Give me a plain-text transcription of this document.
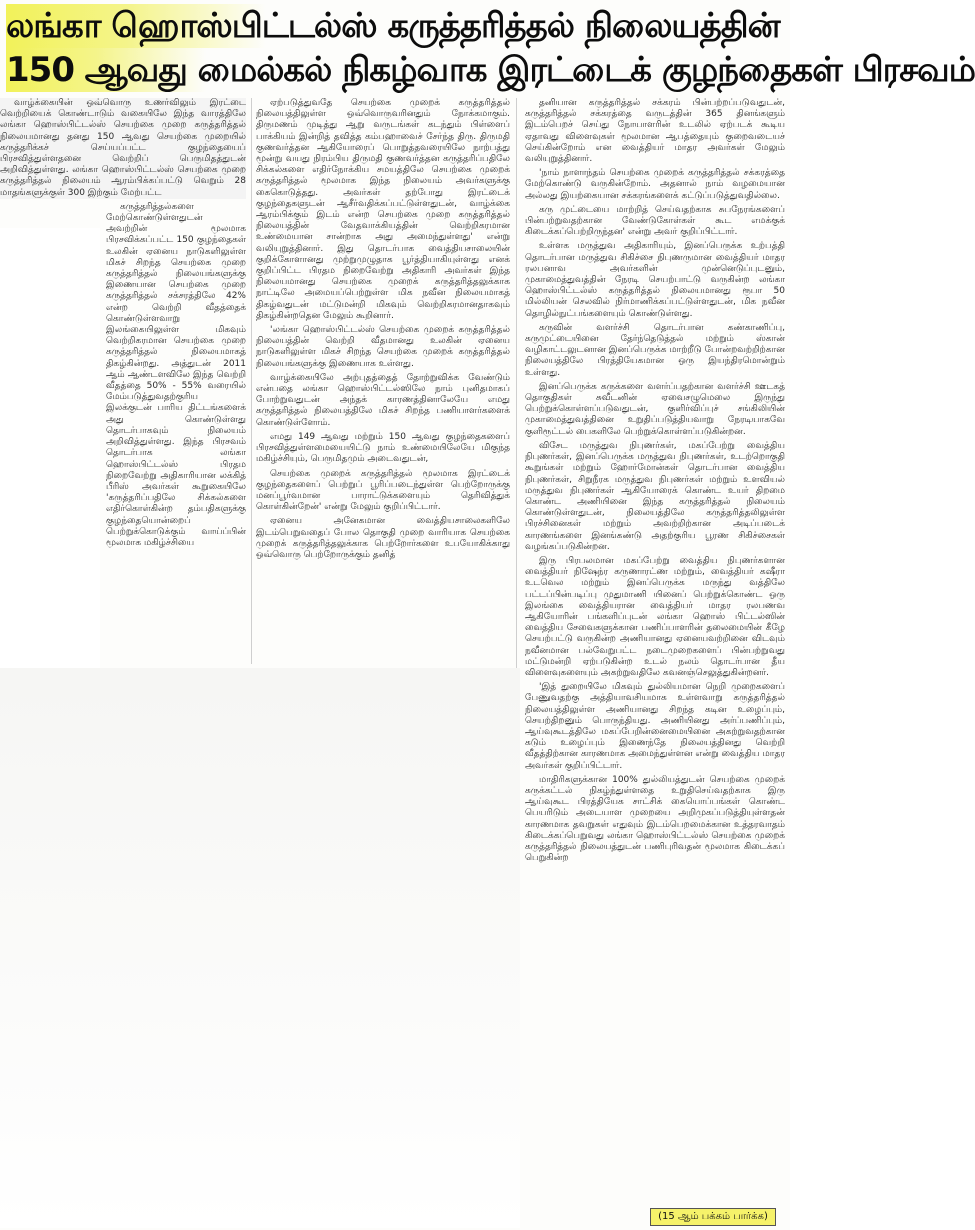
லங்கா ஹொஸ்பிட்டல்ஸ் கருத்தரித்தல் நிலையத்தின்
150 ஆவது மைல்கல் நிகழ்வாக இரட்டைக் குழந்தைகள் பிரசவம்

வாழ்க்கையின் ஒவ்வொரு உணர்விலும் இரட்டை வெற்றியைக் கொண்டாடும் வகையிலே இந்த வாரத்திலே லங்கா ஹொஸ்பிட்டல்ஸ் செயற்கை முறை கருத்தரித்தல் நிலையமானது தனது 150 ஆவது செயற்கை முறையில் கருத்தரிக்கச் செய்யப்பட்ட குழந்தையைப் பிரசவித்துள்ளதனை வெற்றிப் பெருமிதத்துடன் அறிவித்துள்ளது. லங்கா ஹொஸ்பிட்டல்ஸ் செயற்கை முறை கருத்தரித்தல் நிலையம் ஆரம்பிக்கப்பட்டு வெறும் 28 மாதங்களுக்குள் 300 இற்கும் மேற்பட்ட

கருத்தரித்தல்களை மேற்கொண்டுள்ளதுடன் அவற்றின் மூலமாக பிரசவிக்கப்பட்ட 150 குழந்தைகள் உலகின் ஏனைய நாடுகளிலுள்ள மிகச் சிறந்த செயற்கை முறை கருத்தரித்தல் நிலையங்களுக்கு இணையான செயற்கை முறை கருத்தரித்தல் சக்சரத்திலே 42% என்ற வெற்றி வீதத்தைக் கொண்டுள்ளவாறு இலங்கையிலுள்ள மிகவும் வெற்றிகரமான செயற்கை முறை கருத்தரித்தல் நிலையமாகத் திகழ்கின்றது. அத்துடன் 2011 ஆம் ஆண்டளவிலே இந்த வெற்றி வீதத்தை 50% - 55% வரையில் மேம்படுத்துவதற்குரிய இலக்குடன் பாரிய திட்டங்களைக் அது கொண்டுள்ளது தொடர்பாகவும் நிலையம் அறிவித்துள்ளது. இந்த பிரசவம் தொடர்பாக லங்கா ஹொஸ்பிட்டல்ஸ் பிரதம நிறைவேற்று அதிகாரியான லக்கித் பீரிஸ் அவர்கள் கூறுகையிலே 'கருத்தரிப்பதிலே சிக்கல்களை எதிர்கொள்கின்ற தம்பதிகளுக்கு குழந்தையொன்றைப் பெற்றுக்கொடுக்கும் வாய்ப்பின் மூலமாக மகிழ்ச்சியை

ஏற்படுத்துவதே செயற்கை முறைக் கருத்தரித்தல் நிலையத்திலுள்ள ஒவ்வொருவரினதும் நோக்கமாகும். திருமணம் முடித்து ஆறு வருடங்கள் கடந்தும் பிள்ளைப் பாக்கியம் இன்றித் தவித்த கம்பஹாவைச் சேர்ந்த திரு. திருமதி குணவர்த்தன ஆகியோரைப் பொறுத்தவரையிலே நாற்பத்து மூன்று வயது நிரம்பிய திருமதி குணவர்த்தன கருத்தரிப்பதிலே சிக்கல்களை எதிர்நோக்கிய சமயத்திலே செயற்கை முறைக் கருத்தரித்தல் மூலமாக இந்த நிலையம் அவர்களுக்கு கைகொடுத்தது. அவர்கள் தற்போது இரட்டைக் குழந்தைகளுடன் ஆசீர்வதிக்கப்பட்டுள்ளதுடன், வாழ்க்கை ஆரம்பிக்கும் இடம் என்ற செயற்கை முறை கருத்தரித்தல் நிலையத்தின் வேதவாக்கியத்தின் வெற்றிகரமான உண்மையான சான்றாக அது அமைந்துள்ளது' என்று வலியுறுத்தினார். இது தொடர்பாக வைத்தியசாலையின் குறிக்கோளானது முற்றுமுழுதாக பூர்த்தியாகியுள்ளது எனக் குறிப்பிட்ட பிரதம நிறைவேற்று அதிகாரி அவர்கள் இந்த நிலையமானது செயற்கை முறைக் கருத்தரித்தலுக்காக நாட்டிலே அமையப்பெற்றுள்ள மிக நவீன நிலையமாகத் திகழ்வதுடன் மட்டுமன்றி மிகவும் வெற்றிகரமானதாகவும் திகழ்கின்றதென மேலும் கூறினார்.

'லங்கா ஹொஸ்பிட்டல்ஸ் செயற்கை முறைக் கருத்தரித்தல் நிலையத்தின் வெற்றி வீதமானது உலகின் ஏனைய நாடுகளிலுள்ள மிகச் சிறந்த செயற்கை முறைக் கருத்தரித்தல் நிலையங்களுக்கு இணையாக உள்ளது.

வாழ்க்கையிலே அற்புதத்தைத் தோற்றுவிக்க வேண்டும் என்பதை லங்கா ஹொஸ்பிட்டல்ஸிலே நாம் புனிதமாகப் போற்றுவதுடன் அந்தக் காரணத்தினாலேயே எமது கருத்தரித்தல் நிலையத்திலே மிகச் சிறந்த பணியாளர்களைக் கொண்டுள்ளோம்.

எமது 149 ஆவது மற்றும் 150 ஆவது குழந்தைகளைப் பிரசவித்துள்ளமையையிட்டு நாம் உண்மையிலேயே மிகுந்த மகிழ்ச்சியும், பெருமிதமும் அடைவதுடன்,

செயற்கை முறைக் கருத்தரித்தல் மூலமாக இரட்டைக் குழந்தைகளைப் பெற்றுப் பூரிப்படைந்துள்ள பெற்றோருக்கு மனப்பூர்வமான பாராட்டுக்களையும் தெரிவித்துக் கொள்கின்றேன்' என்று மேலும் குறிப்பிட்டார்.

ஏனைய அனேகமான வைத்தியசாலைகளிலே இடம்பெறுவதைப் போல தொகுதி முறை வாரியாக செயற்கை முறைக் கருத்தரித்தலுக்காக பெற்றோர்களை உபயோகிக்காது ஒவ்வொரு பெற்றோருக்கும் தனித்

தனியான கருத்தரித்தல் சக்கரம் பின்பற்றப்படுவதுடன், கருத்தரித்தல் சக்கரத்தை வருடத்தின் 365 தினங்களும் இடம்பெறச் செய்து நோயாளரின் உடலில் ஏற்படக் கூடிய ஏதாவது விளைவுகள் மூலமான ஆபத்தையும் குறைவடையச் செய்கின்றோம் என வைத்தியர் மாதர அவர்கள் மேலும் வலியுறுத்தினார்.

'நாம் நாளாந்தம் செயற்கை முறைக் கருத்தரித்தல் சக்கரத்தை மேற்கொண்டு வருகின்றோம். அதனால் நாம் வழமையான அல்லது இயற்கையான சக்கரங்களைக் கட்டுப்படுத்துவதில்லை.

கரு முட்டையை மாற்றித் செய்வதற்காக சுபநேரங்களைப் பின்பற்றுவதற்கான வேண்டுகோள்கள் கூட எமக்குக் கிடைக்கப்பெற்றிருந்தன' என்று அவர் குறிப்பிட்டார்.

உள்ளக மருத்துவ அதிகாரியும், இனப்பெருக்க உற்பத்தி தொடர்பான மருத்துவ சிகிச்சை நிபுணருமான வைத்தியர் மாதர ரலபனாவ அவர்களின் முன்னெடுப்புடனும், முகாமைத்துவத்தின் நேரடி செயற்பாட்டு வருகின்ற லங்கா ஹொஸ்பிட்டல்ஸ் கருத்தரித்தல் நிலையமானது ரூபா 50 மில்லியன் செலவில் நிர்மாணிக்கப்பட்டுள்ளதுடன், மிக நவீன தொழில்நுட்பங்களையும் கொண்டுள்ளது.

கருவின் வளர்ச்சி தொடர்பான கண்காணிப்பு, கருமுட்டையினை தேர்ந்தெடுத்தல் மற்றும் ஸ்கான் வழிகாட்டலுடனான இனப்பெருக்க மாற்றீடு போன்றவற்றிற்கான நிலையத்திலே பிரத்தியேகமான ஒரு இயந்திரமொன்றும் உள்ளது.

இனப்பெருக்க கருக்களை வளர்ப்பதற்கான வளர்ச்சி ஊடகத் தொகுதிகள் சுவீடனின் ஏவைசழுமெலை இருந்து பெற்றுக்கொள்ளப்படுவதுடன், குளிர்விப்புச் சங்கிலியின் முகாமைத்துவத்தினை உறுதிப்படுத்தியவாறு நேரடியாகவே குளிரூட்டல் பைகளிலே பெற்றுக்கொள்ளப்படுகின்றன.

விசேட மருத்துவ நிபுணர்கள், மகப்பேற்று வைத்திய நிபுணர்கள், இனப்பெருக்க மருத்துவ நிபுணர்கள், உடற்றொகுதி கூறுங்கள் மற்றும் ஹோர்மோன்கள் தொடர்பான வைத்திய நிபுணர்கள், சிறுநீரக மருத்துவ நிபுணர்கள் மற்றும் உளவியல் மருத்துவ நிபுணர்கள் ஆகியோரைக் கொண்ட உயர் திறமை கொண்ட அணியினை இந்த கருத்தரித்தல் நிலையம் கொண்டுள்ளதுடன், நிலையத்திலே கருத்தரித்தலிலுள்ள பிரச்சினைகள் மற்றும் அவற்றிற்கான அடிப்படைக் காரணங்களை இனங்கண்டு அதற்குரிய பூரண சிகிச்சைகள் வழங்கப்படுகின்றன.

இரு பிரபலமான மகப்பேற்று வைத்திய நிபுணர்களான வைத்தியர் நிஷேந்ர கருணாரட்ண மற்றும், வைத்தியர் கஷீரா உடவெல மற்றும் இனப்பெருக்க மருந்து வத்திலே பட்டப்பின்படிப்பு முதுமாணி யினைப் பெற்றுக்கொண்ட ஒரு இலங்கை வைத்தியரான வைத்தியர் மாதர ரலபணவ ஆகியோரின் பங்களிப்புடன் லங்கா ஹொஸ் பிட்டல்ஸின் வைத்திய சேவைகளுக்கான பணிப்பாளரின் தலைமையின் கீழே செயற்பட்டு வருகின்ற அணியானது ஏனையவற்றினை விடவும் நவீனமான பல்வேறுபட்ட நடைமுறைகளைப் பின்பற்றுவது மட்டுமன்றி ஏற்படுகின்ற உடல் நலம் தொடர்பான தீய விளைவுகளையும் அகற்றுவதிலே கவனஞ்செலுத்துகின்றனர்.

'இத் துறையிலே மிகவும் துல்லியமான நெறி முறைகளைப் பேணுவதற்கு அத்தியாவசியமாக உள்ளவாறு கருத்தரித்தல் நிலையத்திலுள்ள அணியானது சிறந்த கடின உழைப்பும், செயற்திறனும் பொருந்தியது. அணியினது அர்ப்பணிப்பும், ஆய்வுகூடத்திலே மகப்பேறின்னைமையினை அகற்றுவதற்கான கடும் உழைப்பும் இணைந்தே நிலையத்தினது வெற்றி வீதத்திற்கான காரணமாக அமைந்துள்ளன என்று வைத்திய மாதர அவர்கள் குறிப்பிட்டார்.

மாதிரிகளுக்கான 100% துல்லியத்துடன் செயற்கை முறைக் கருக்கட்டல் நிகழ்ந்துள்ளதை உறுதிசெய்வதற்காக இரு ஆய்வுகூட பிரத்தியேக சாட்சிக் கையொப்பங்கள் கொண்ட பெயரிடும் அடையாள முறையை அறிமுகப்படுத்தியுள்ளதன் காரணமாக தவறுகள் எதுவும் இடம்பெறமைக்கான உத்தரவாதம் கிடைக்கப்பெறுவது லங்கா ஹொஸ்பிட்டல்ஸ் செயற்கை முறைக் கருத்தரித்தல் நிலையத்துடன் பணிபுரிவதன் மூலமாக கிடைக்கப் பெறுகின்ற

(15 ஆம் பக்கம் பார்க்க)
